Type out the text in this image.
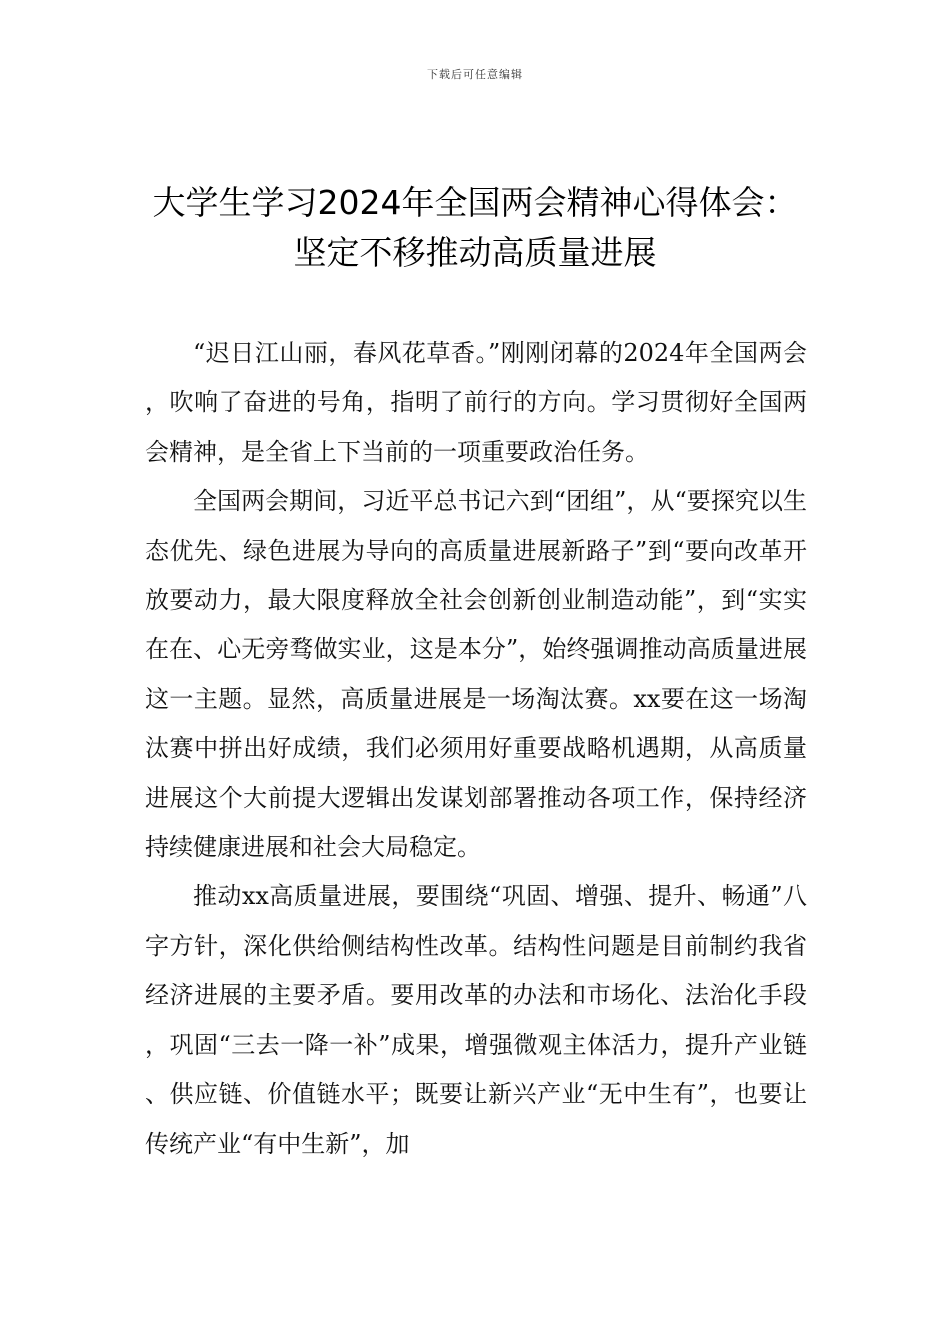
下载后可任意编辑
大学生学习2024年全国两会精神心得体会：
坚定不移推动高质量进展

“迟日江山丽，春风花草香。”刚刚闭幕的2024年全国两会，吹响了奋进的号角，指明了前行的方向。学习贯彻好全国两会精神，是全省上下当前的一项重要政治任务。

全国两会期间，习近平总书记六到“团组”，从“要探究以生态优先、绿色进展为导向的高质量进展新路子”到“要向改革开放要动力，最大限度释放全社会创新创业制造动能”，到“实实在在、心无旁骛做实业，这是本分”，始终强调推动高质量进展这一主题。显然，高质量进展是一场淘汰赛。xx要在这一场淘汰赛中拼出好成绩，我们必须用好重要战略机遇期，从高质量进展这个大前提大逻辑出发谋划部署推动各项工作，保持经济持续健康进展和社会大局稳定。

推动xx高质量进展，要围绕“巩固、增强、提升、畅通”八字方针，深化供给侧结构性改革。结构性问题是目前制约我省经济进展的主要矛盾。要用改革的办法和市场化、法治化手段，巩固“三去一降一补”成果，增强微观主体活力，提升产业链、供应链、价值链水平；既要让新兴产业“无中生有”，也要让传统产业“有中生新”，加
